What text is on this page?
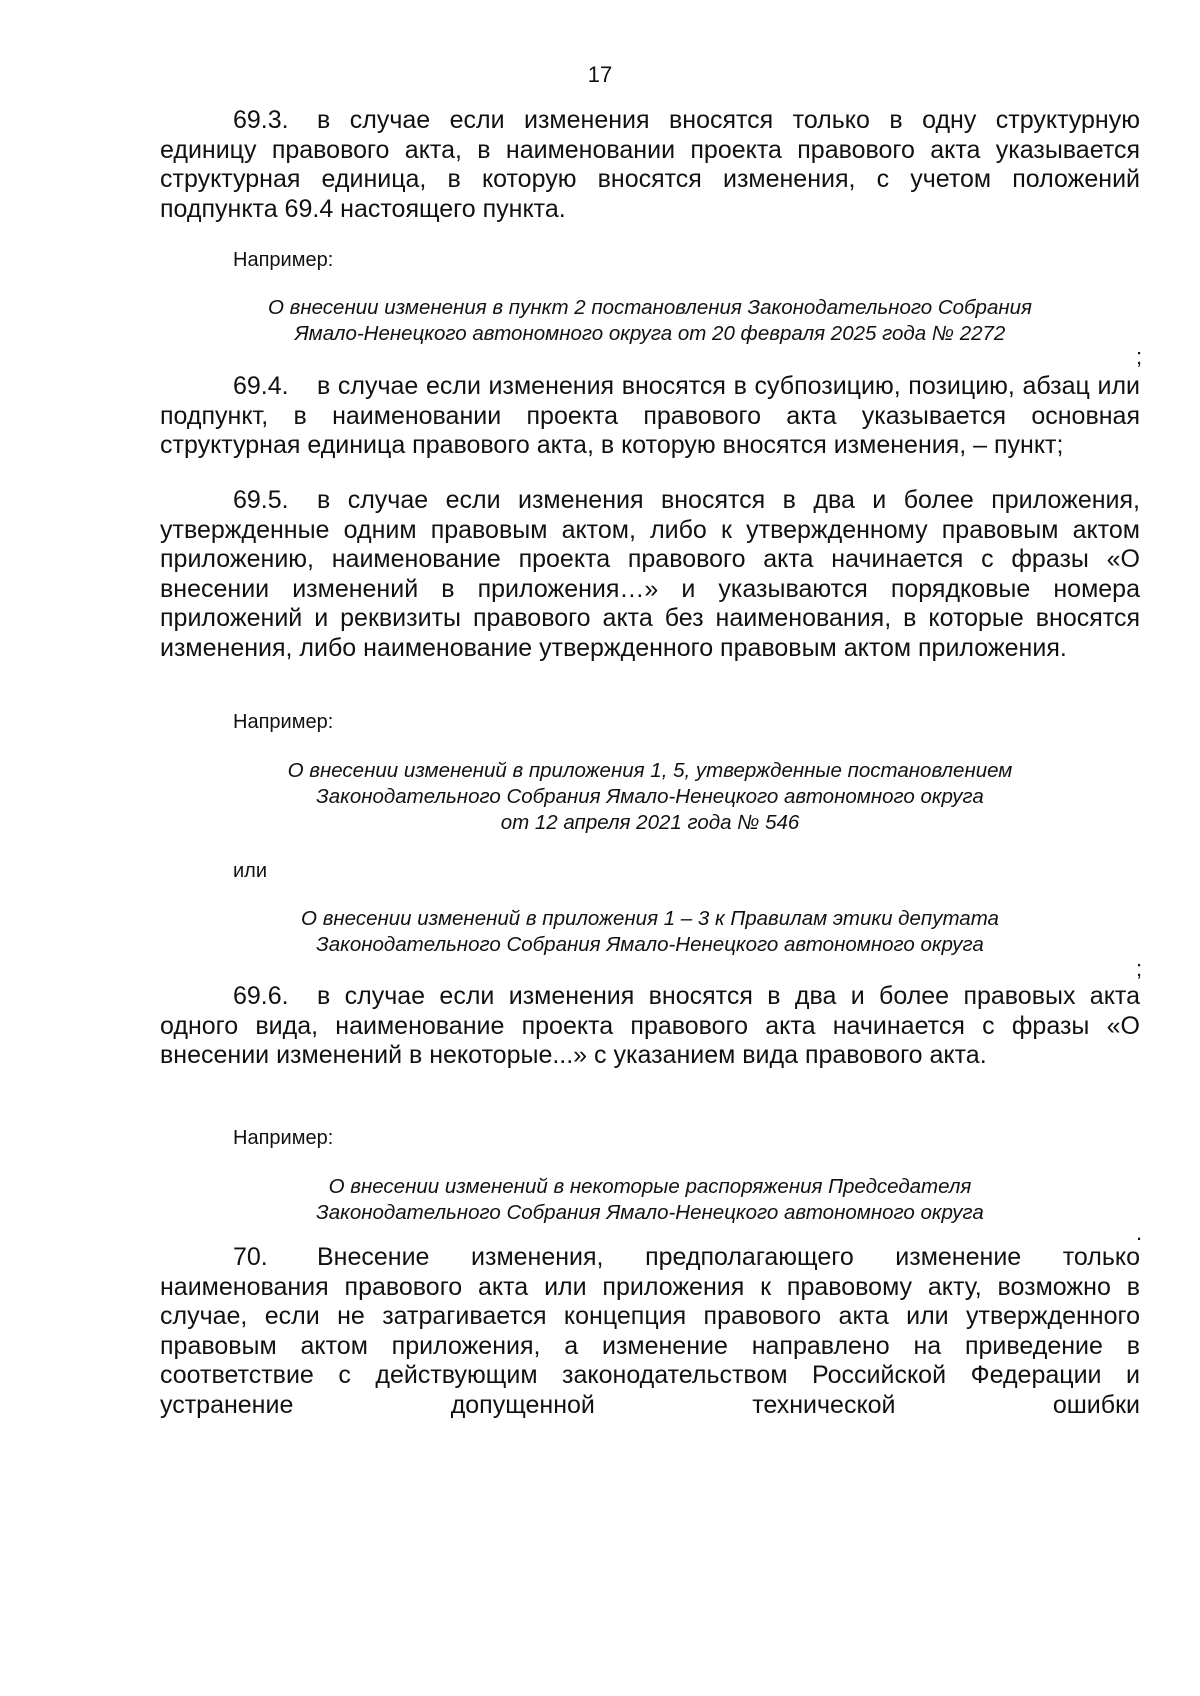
17
69.3. в случае если изменения вносятся только в одну структурную единицу правового акта, в наименовании проекта правового акта указывается структурная единица, в которую вносятся изменения, с учетом положений подпункта 69.4 настоящего пункта.
Например:
О внесении изменения в пункт 2 постановления Законодательного Собрания
Ямало-Ненецкого автономного округа от 20 февраля 2025 года № 2272
;
69.4. в случае если изменения вносятся в субпозицию, позицию, абзац или подпункт, в наименовании проекта правового акта указывается основная структурная единица правового акта, в которую вносятся изменения, – пункт;
69.5. в случае если изменения вносятся в два и более приложения, утвержденные одним правовым актом, либо к утвержденному правовым актом приложению, наименование проекта правового акта начинается с фразы «О внесении изменений в приложения…» и указываются порядковые номера приложений и реквизиты правового акта без наименования, в которые вносятся изменения, либо наименование утвержденного правовым актом приложения.
Например:
О внесении изменений в приложения 1, 5, утвержденные постановлением
Законодательного Собрания Ямало-Ненецкого автономного округа
от 12 апреля 2021 года № 546
или
О внесении изменений в приложения 1 – 3 к Правилам этики депутата
Законодательного Собрания Ямало-Ненецкого автономного округа
;
69.6. в случае если изменения вносятся в два и более правовых акта одного вида, наименование проекта правового акта начинается с фразы «О внесении изменений в некоторые...» с указанием вида правового акта.
Например:
О внесении изменений в некоторые распоряжения Председателя
Законодательного Собрания Ямало-Ненецкого автономного округа
.
70. Внесение изменения, предполагающего изменение только наименования правового акта или приложения к правовому акту, возможно в случае, если не затрагивается концепция правового акта или утвержденного правовым актом приложения, а изменение направлено на приведение в соответствие с действующим законодательством Российской Федерации и устранение допущенной технической ошибки
